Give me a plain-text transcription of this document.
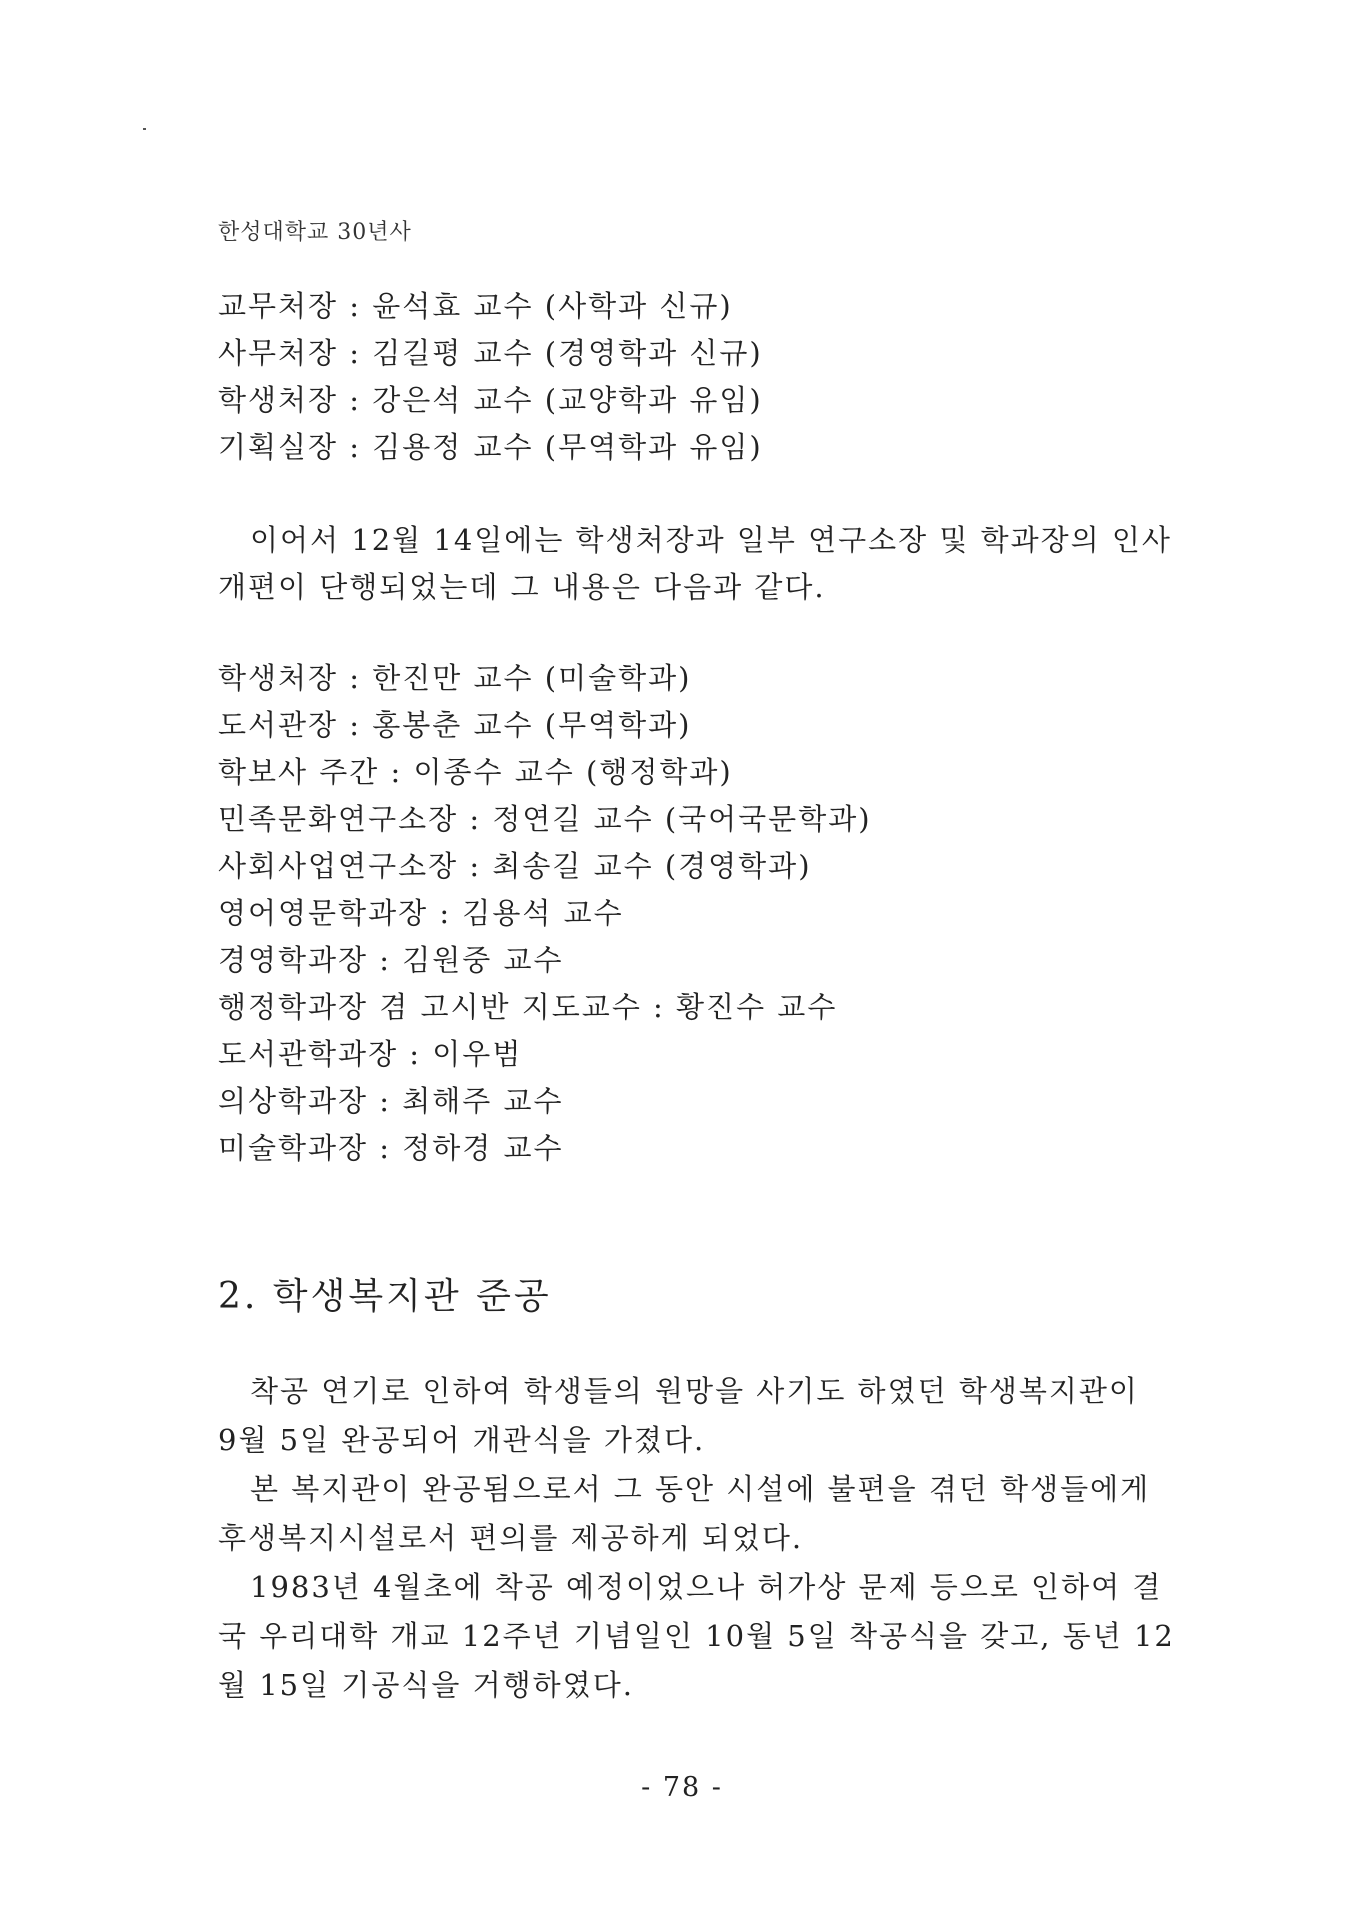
한성대학교 30년사
교무처장 : 윤석효 교수 (사학과 신규)
사무처장 : 김길평 교수 (경영학과 신규)
학생처장 : 강은석 교수 (교양학과 유임)
기획실장 : 김용정 교수 (무역학과 유임)
이어서 12월 14일에는 학생처장과 일부 연구소장 및 학과장의 인사
개편이 단행되었는데 그 내용은 다음과 같다.
학생처장 : 한진만 교수 (미술학과)
도서관장 : 홍봉춘 교수 (무역학과)
학보사 주간 : 이종수 교수 (행정학과)
민족문화연구소장 : 정연길 교수 (국어국문학과)
사회사업연구소장 : 최송길 교수 (경영학과)
영어영문학과장 : 김용석 교수
경영학과장 : 김원중 교수
행정학과장 겸 고시반 지도교수 : 황진수 교수
도서관학과장 : 이우범
의상학과장 : 최해주 교수
미술학과장 : 정하경 교수
2. 학생복지관 준공
착공 연기로 인하여 학생들의 원망을 사기도 하였던 학생복지관이
9월 5일 완공되어 개관식을 가졌다.
본 복지관이 완공됨으로서 그 동안 시설에 불편을 겪던 학생들에게
후생복지시설로서 편의를 제공하게 되었다.
1983년 4월초에 착공 예정이었으나 허가상 문제 등으로 인하여 결
국 우리대학 개교 12주년 기념일인 10월 5일 착공식을 갖고, 동년 12
월 15일 기공식을 거행하였다.
- 78 -
